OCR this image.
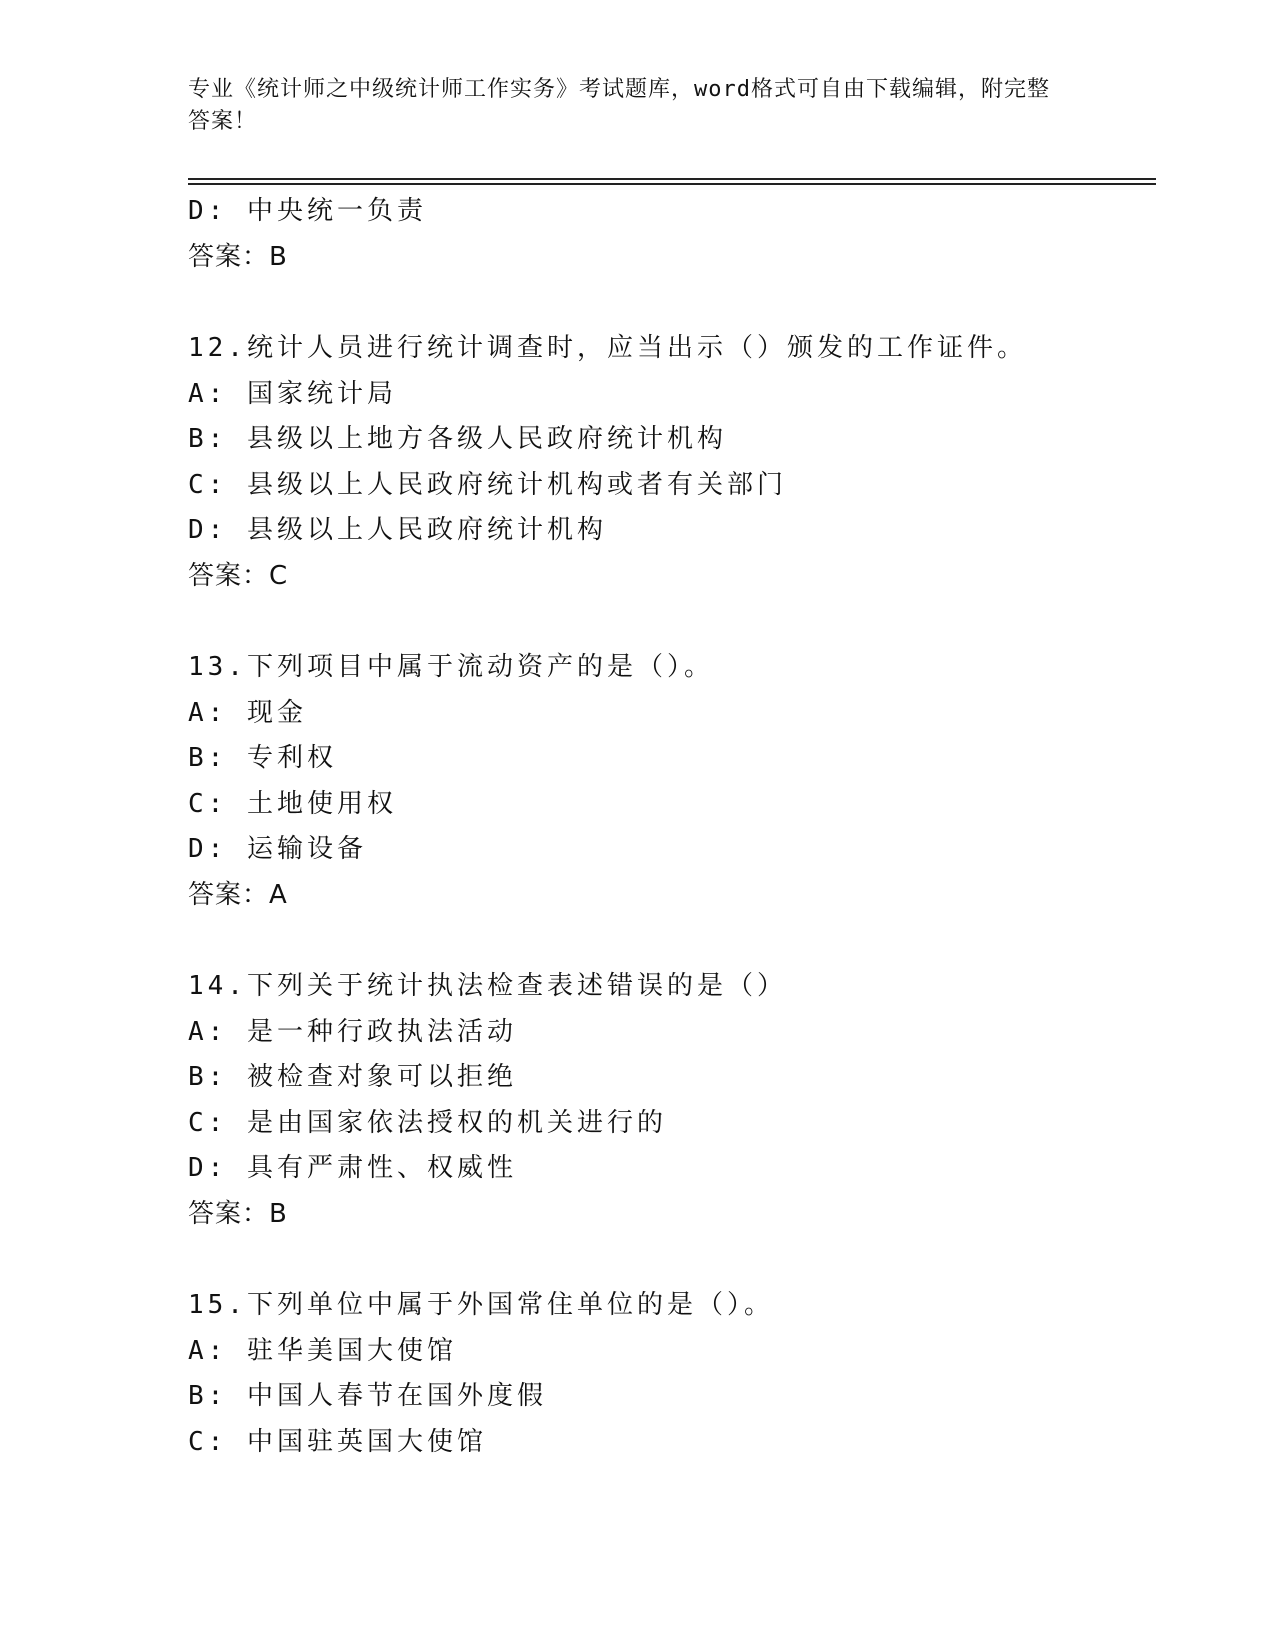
专业《统计师之中级统计师工作实务》考试题库，word格式可自由下载编辑，附完整答案！
D: 中央统一负责
答案：B
12.统计人员进行统计调查时，应当出示（）颁发的工作证件。
A: 国家统计局
B: 县级以上地方各级人民政府统计机构
C: 县级以上人民政府统计机构或者有关部门
D: 县级以上人民政府统计机构
答案：C
13.下列项目中属于流动资产的是（）。
A: 现金
B: 专利权
C: 土地使用权
D: 运输设备
答案：A
14.下列关于统计执法检查表述错误的是（）
A: 是一种行政执法活动
B: 被检查对象可以拒绝
C: 是由国家依法授权的机关进行的
D: 具有严肃性、权威性
答案：B
15.下列单位中属于外国常住单位的是（）。
A: 驻华美国大使馆
B: 中国人春节在国外度假
C: 中国驻英国大使馆
